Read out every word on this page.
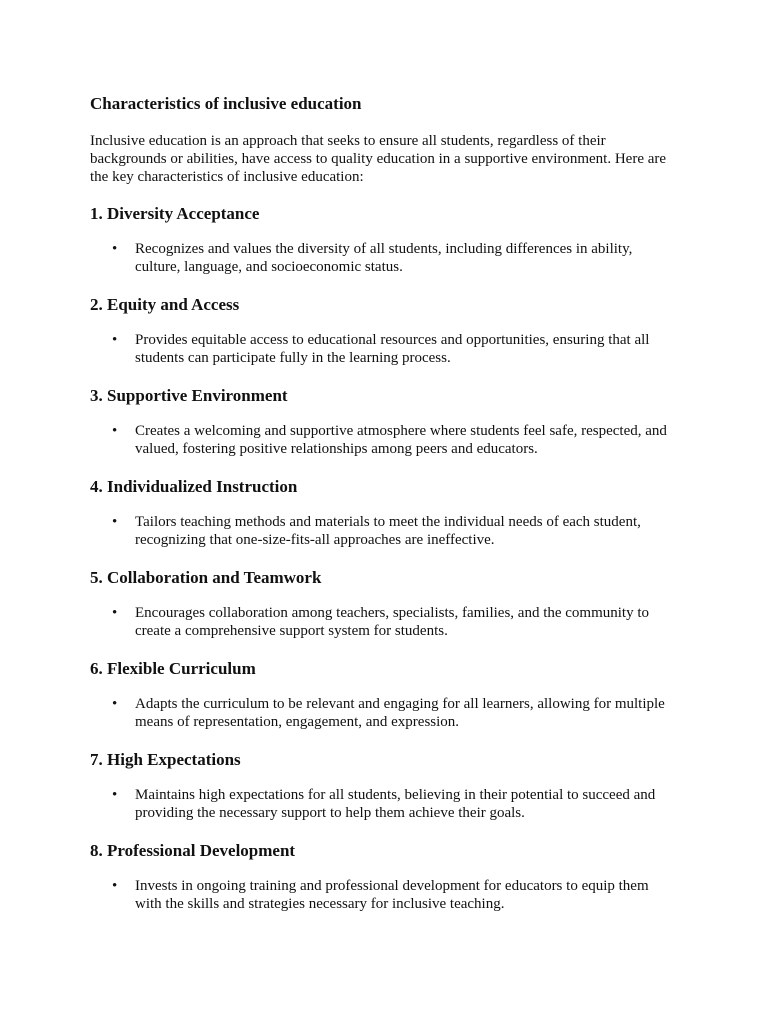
Characteristics of inclusive education

Inclusive education is an approach that seeks to ensure all students, regardless of their backgrounds or abilities, have access to quality education in a supportive environment. Here are the key characteristics of inclusive education:

1. Diversity Acceptance
• Recognizes and values the diversity of all students, including differences in ability, culture, language, and socioeconomic status.
2. Equity and Access
• Provides equitable access to educational resources and opportunities, ensuring that all students can participate fully in the learning process.
3. Supportive Environment
• Creates a welcoming and supportive atmosphere where students feel safe, respected, and valued, fostering positive relationships among peers and educators.
4. Individualized Instruction
• Tailors teaching methods and materials to meet the individual needs of each student, recognizing that one-size-fits-all approaches are ineffective.
5. Collaboration and Teamwork
• Encourages collaboration among teachers, specialists, families, and the community to create a comprehensive support system for students.
6. Flexible Curriculum
• Adapts the curriculum to be relevant and engaging for all learners, allowing for multiple means of representation, engagement, and expression.
7. High Expectations
• Maintains high expectations for all students, believing in their potential to succeed and providing the necessary support to help them achieve their goals.
8. Professional Development
• Invests in ongoing training and professional development for educators to equip them with the skills and strategies necessary for inclusive teaching.
